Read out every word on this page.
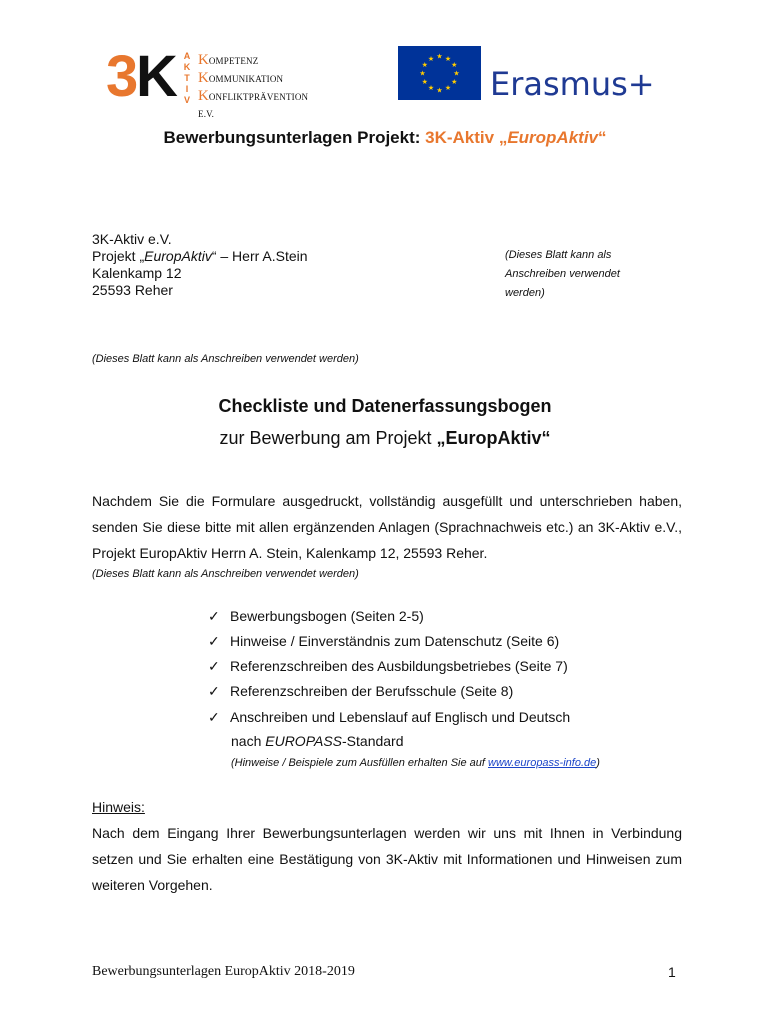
3 K A
K
T
I
V
KOMPETENZ
KOMMUNIKATION
KONFLIKTPRÄVENTION E.V.
★ ★
★
★
★
★
★
★
★
★
★
★
Erasmus+
Bewerbungsunterlagen Projekt: 3K-Aktiv „EuropAktiv“
3K-Aktiv e.V.
Projekt „EuropAktiv“ – Herr A.Stein
Kalenkamp 12
25593 Reher
(Dieses Blatt kann als
Anschreiben verwendet
werden)
(Dieses Blatt kann als Anschreiben verwendet werden)
Checkliste und Datenerfassungsbogen
zur Bewerbung am Projekt „EuropAktiv“
Nachdem Sie die Formulare ausgedruckt, vollständig ausgefüllt und unterschrieben haben, senden Sie diese bitte mit allen ergänzenden Anlagen (Sprachnachweis etc.) an 3K-Aktiv e.V., Projekt EuropAktiv Herrn A. Stein, Kalenkamp 12, 25593 Reher.
(Dieses Blatt kann als Anschreiben verwendet werden)
✓ Bewerbungsbogen (Seiten 2-5)
✓ Hinweise / Einverständnis zum Datenschutz (Seite 6)
✓ Referenzschreiben des Ausbildungsbetriebes (Seite 7)
✓ Referenzschreiben der Berufsschule (Seite 8)
✓ Anschreiben und Lebenslauf auf Englisch und Deutsch
nach EUROPASS-Standard
(Hinweise / Beispiele zum Ausfüllen erhalten Sie auf www.europass-info.de)
Hinweis:
Nach dem Eingang Ihrer Bewerbungsunterlagen werden wir uns mit Ihnen in Verbindung setzen und Sie erhalten eine Bestätigung von 3K-Aktiv mit Informationen und Hinweisen zum weiteren Vorgehen.
Bewerbungsunterlagen EuropAktiv 2018-2019	1
